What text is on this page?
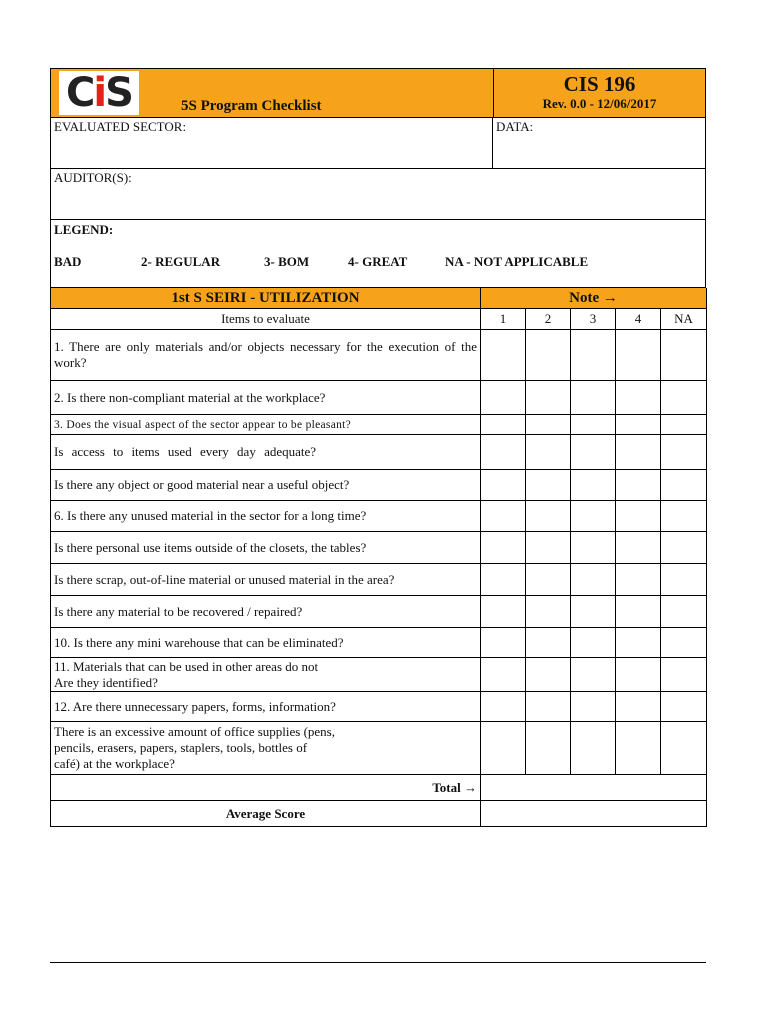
CiS	5S Program Checklist
CIS 196
Rev. 0.0 - 12/06/2017
EVALUATED SECTOR:	DATA:
AUDITOR(S):
LEGEND:
BAD	2- REGULAR	3- BOM	4- GREAT	NA - NOT APPLICABLE
1st S SEIRI - UTILIZATION	Note →				
Items to evaluate	1	2	3	4	NA
1. There are only materials and/or objects necessary for the execution of the work?					
2. Is there non-compliant material at the workplace?					
3. Does the visual aspect of the sector appear to be pleasant?					
Is access to items used every day adequate?					
Is there any object or good material near a useful object?					
6. Is there any unused material in the sector for a long time?					
Is there personal use items outside of the closets, the tables?					
Is there scrap, out-of-line material or unused material in the area?					
Is there any material to be recovered / repaired?					
10. Is there any mini warehouse that can be eliminated?					
11. Materials that can be used in other areas do not
Are they identified?					
12. Are there unnecessary papers, forms, information?					
There is an excessive amount of office supplies (pens,
pencils, erasers, papers, staplers, tools, bottles of
café) at the workplace?					
Total →					
Average Score					
